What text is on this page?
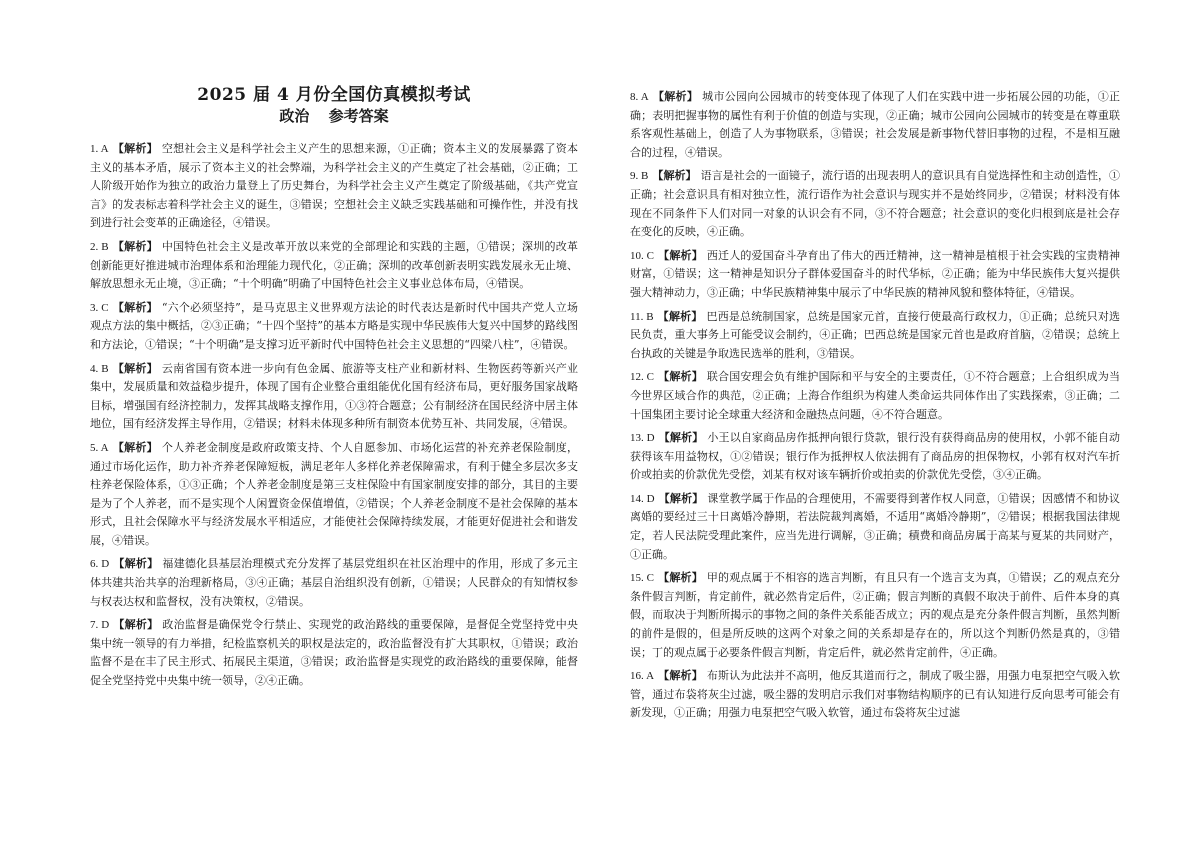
2025 届 4 月份全国仿真模拟考试
政治 参考答案
1. A 【解析】 空想社会主义是科学社会主义产生的思想来源，①正确；资本主义的发展暴露了资本主义的基本矛盾，展示了资本主义的社会弊端，为科学社会主义的产生奠定了社会基础，②正确；工人阶级开始作为独立的政治力量登上了历史舞台，为科学社会主义产生奠定了阶级基础，《共产党宣言》的发表标志着科学社会主义的诞生，③错误；空想社会主义缺乏实践基础和可操作性，并没有找到进行社会变革的正确途径，④错误。
2. B 【解析】 中国特色社会主义是改革开放以来党的全部理论和实践的主题，①错误；深圳的改革创新能更好推进城市治理体系和治理能力现代化，②正确；深圳的改革创新表明实践发展永无止境、解放思想永无止境，③正确；“十个明确”明确了中国特色社会主义事业总体布局，④错误。
3. C 【解析】 “六个必须坚持”，是马克思主义世界观方法论的时代表达是新时代中国共产党人立场观点方法的集中概括，②③正确；“十四个坚持”的基本方略是实现中华民族伟大复兴中国梦的路线图和方法论，①错误；“十个明确”是支撑习近平新时代中国特色社会主义思想的“四梁八柱”，④错误。
4. B 【解析】 云南省国有资本进一步向有色金属、旅游等支柱产业和新材料、生物医药等新兴产业集中，发展质量和效益稳步提升，体现了国有企业整合重组能优化国有经济布局，更好服务国家战略目标，增强国有经济控制力，发挥其战略支撑作用，①③符合题意；公有制经济在国民经济中居主体地位，国有经济发挥主导作用，②错误；材料未体现多种所有制资本优势互补、共同发展，④错误。
5. A 【解析】 个人养老金制度是政府政策支持、个人自愿参加、市场化运营的补充养老保险制度，通过市场化运作，助力补齐养老保障短板，满足老年人多样化养老保障需求，有利于健全多层次多支柱养老保险体系，①③正确；个人养老金制度是第三支柱保险中有国家制度安排的部分，其目的主要是为了个人养老，而不是实现个人闲置资金保值增值，②错误；个人养老金制度不是社会保障的基本形式，且社会保障水平与经济发展水平相适应，才能使社会保障持续发展，才能更好促进社会和谐发展，④错误。
6. D 【解析】 福建德化县基层治理模式充分发挥了基层党组织在社区治理中的作用，形成了多元主体共建共治共享的治理新格局，③④正确；基层自治组织没有创新，①错误；人民群众的有知情权参与权表达权和监督权，没有决策权，②错误。
7. D 【解析】 政治监督是确保党令行禁止、实现党的政治路线的重要保障，是督促全党坚持党中央集中统一领导的有力举措，纪检监察机关的职权是法定的，政治监督没有扩大其职权，①错误；政治监督不是在丰了民主形式、拓展民主渠道，③错误；政治监督是实现党的政治路线的重要保障，能督促全党坚持党中央集中统一领导，②④正确。
8. A 【解析】 城市公园向公园城市的转变体现了体现了人们在实践中进一步拓展公园的功能，①正确；表明把握事物的属性有利于价值的创造与实现，②正确；城市公园向公园城市的转变是在尊重联系客观性基础上，创造了人为事物联系，③错误；社会发展是新事物代替旧事物的过程，不是相互融合的过程，④错误。
9. B 【解析】 语言是社会的一面镜子，流行语的出现表明人的意识具有自觉选择性和主动创造性，①正确；社会意识具有相对独立性，流行语作为社会意识与现实并不是始终同步，②错误；材料没有体现在不同条件下人们对同一对象的认识会有不同，③不符合题意；社会意识的变化归根到底是社会存在变化的反映，④正确。
10. C 【解析】 西迁人的爱国奋斗孕育出了伟大的西迁精神，这一精神是植根于社会实践的宝贵精神财富，①错误；这一精神是知识分子群体爱国奋斗的时代华标，②正确；能为中华民族伟大复兴提供强大精神动力，③正确；中华民族精神集中展示了中华民族的精神风貌和整体特征，④错误。
11. B 【解析】 巴西是总统制国家，总统是国家元首，直接行使最高行政权力，①正确；总统只对选民负责，重大事务上可能受议会制约，④正确；巴西总统是国家元首也是政府首脑，②错误；总统上台执政的关键是争取选民选举的胜利，③错误。
12. C 【解析】 联合国安理会负有维护国际和平与安全的主要责任，①不符合题意；上合组织成为当今世界区域合作的典范，②正确；上海合作组织为构建人类命运共同体作出了实践探索，③正确；二十国集团主要讨论全球重大经济和金融热点问题，④不符合题意。
13. D 【解析】 小王以自家商品房作抵押向银行贷款，银行没有获得商品房的使用权，小郭不能自动获得该车用益物权，①②错误；银行作为抵押权人依法拥有了商品房的担保物权，小郭有权对汽车折价或拍卖的价款优先受偿，刘某有权对该车辆折价或拍卖的价款优先受偿，③④正确。
14. D 【解析】 课堂教学属于作品的合理使用，不需要得到著作权人同意，①错误；因感情不和协议离婚的要经过三十日离婚冷静期，若法院裁判离婚，不适用“离婚冷静期”，②错误；根据我国法律规定，若人民法院受理此案件，应当先进行调解，③正确；積费和商品房属于高某与夏某的共同财产，①正确。
15. C 【解析】 甲的观点属于不相容的选言判断，有且只有一个选言支为真，①错误；乙的观点充分条件假言判断，肯定前件，就必然肯定后件，②正确；假言判断的真假不取决于前件、后件本身的真假，而取决于判断所揭示的事物之间的条件关系能否成立；丙的观点是充分条件假言判断，虽然判断的前件是假的，但是所反映的这两个对象之间的关系却是存在的，所以这个判断仍然是真的，③错误；丁的观点属于必要条件假言判断，肯定后件，就必然肯定前件，④正确。
16. A 【解析】 布斯认为此法并不高明，他反其道而行之，制成了吸尘器，用强力电泵把空气吸入软管，通过布袋将灰尘过滤，吸尘器的发明启示我们对事物结构顺序的已有认知进行反向思考可能会有新发现，①正确；用强力电泵把空气吸入软管，通过布袋将灰尘过滤
